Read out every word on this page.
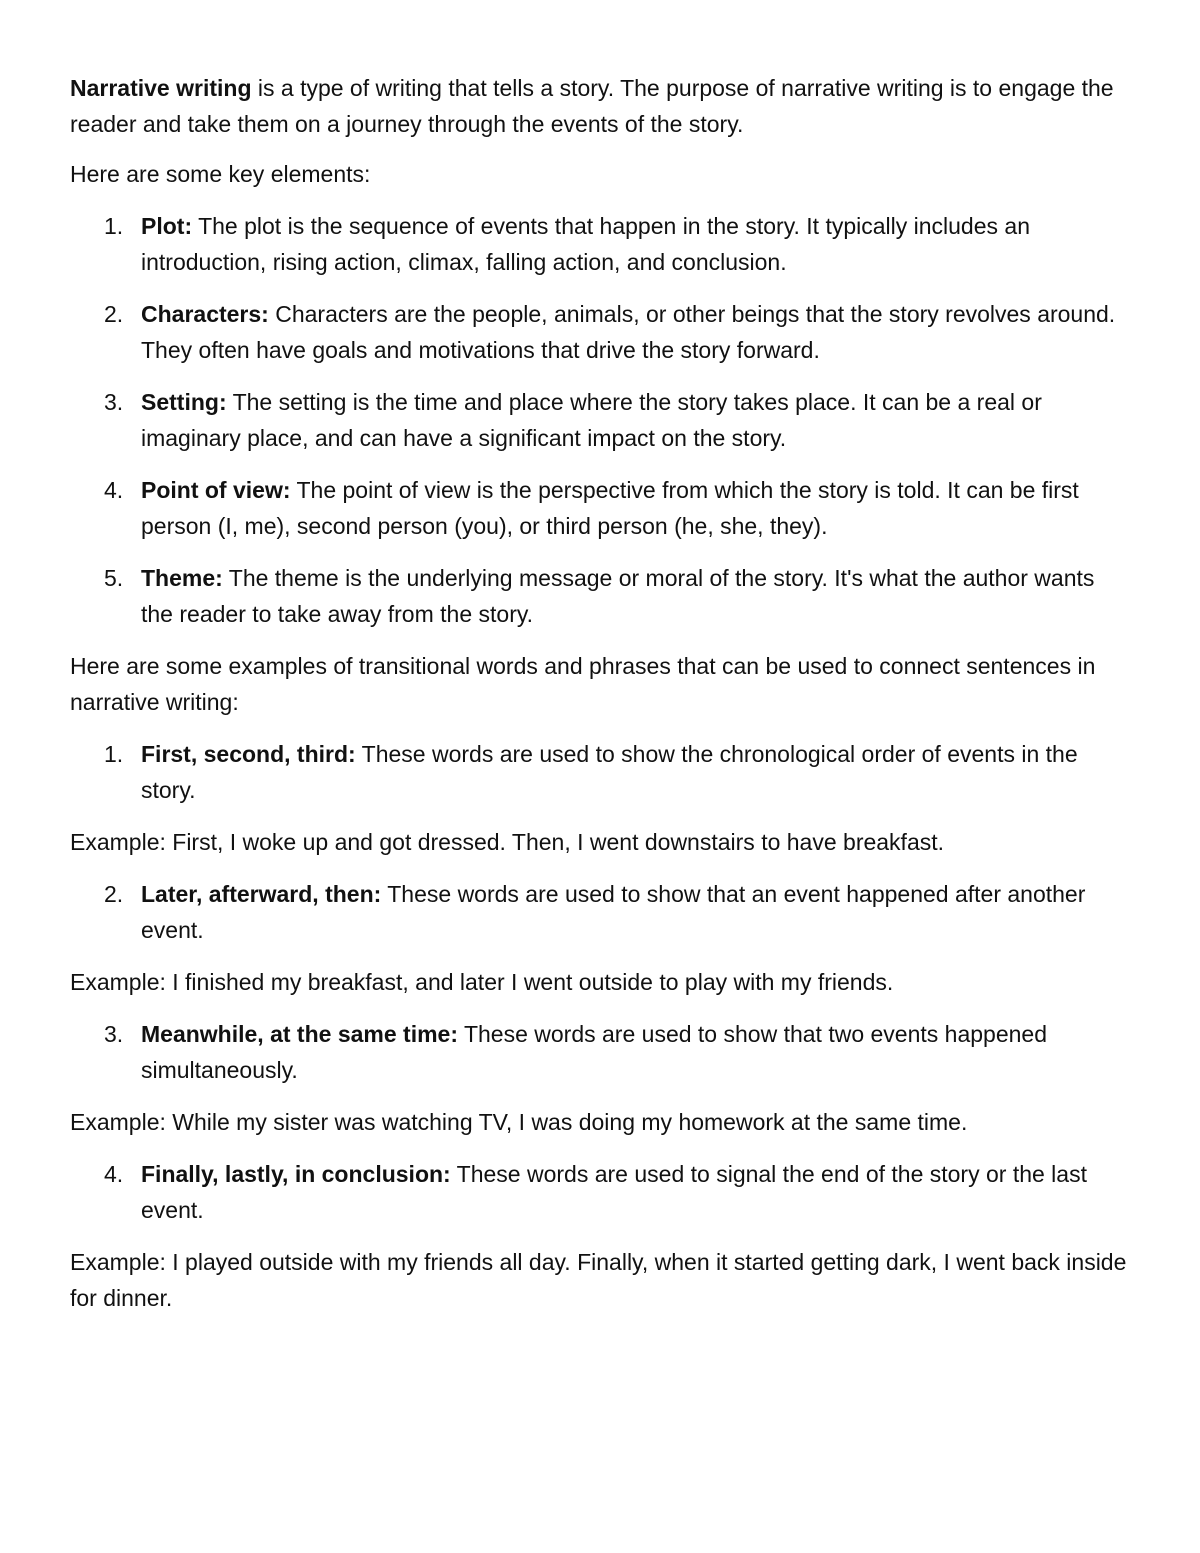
Narrative writing is a type of writing that tells a story. The purpose of narrative writing is to engage the reader and take them on a journey through the events of the story.

Here are some key elements:

1. Plot: The plot is the sequence of events that happen in the story. It typically includes an introduction, rising action, climax, falling action, and conclusion.
2. Characters: Characters are the people, animals, or other beings that the story revolves around. They often have goals and motivations that drive the story forward.
3. Setting: The setting is the time and place where the story takes place. It can be a real or imaginary place, and can have a significant impact on the story.
4. Point of view: The point of view is the perspective from which the story is told. It can be first person (I, me), second person (you), or third person (he, she, they).
5. Theme: The theme is the underlying message or moral of the story. It's what the author wants the reader to take away from the story.

Here are some examples of transitional words and phrases that can be used to connect sentences in narrative writing:

1. First, second, third: These words are used to show the chronological order of events in the story.

Example: First, I woke up and got dressed. Then, I went downstairs to have breakfast.

2. Later, afterward, then: These words are used to show that an event happened after another event.

Example: I finished my breakfast, and later I went outside to play with my friends.

3. Meanwhile, at the same time: These words are used to show that two events happened simultaneously.

Example: While my sister was watching TV, I was doing my homework at the same time.

4. Finally, lastly, in conclusion: These words are used to signal the end of the story or the last event.

Example: I played outside with my friends all day. Finally, when it started getting dark, I went back inside for dinner.
